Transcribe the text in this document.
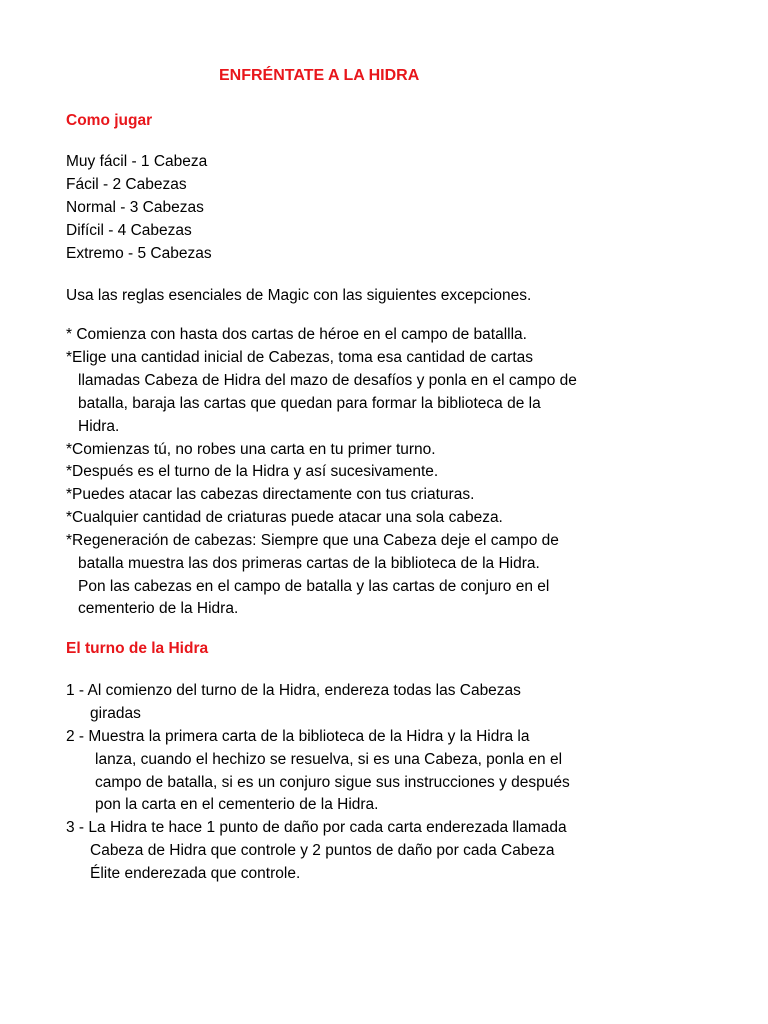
ENFRÉNTATE A LA HIDRA
Como jugar
Muy fácil - 1 Cabeza
Fácil - 2 Cabezas
Normal - 3 Cabezas
Difícil - 4 Cabezas
Extremo - 5 Cabezas
Usa las reglas esenciales de Magic con las siguientes excepciones.
* Comienza con hasta dos cartas de héroe en el campo de batallla.
*Elige una cantidad inicial de Cabezas, toma esa cantidad de cartas
llamadas Cabeza de Hidra del mazo de desafíos y ponla en el campo de
batalla, baraja las cartas que quedan para formar la biblioteca de la
Hidra.
*Comienzas tú, no robes una carta en tu primer turno.
*Después es el turno de la Hidra y así sucesivamente.
*Puedes atacar las cabezas directamente con tus criaturas.
*Cualquier cantidad de criaturas puede atacar una sola cabeza.
*Regeneración de cabezas: Siempre que una Cabeza deje el campo de
batalla muestra las dos primeras cartas de la biblioteca de la Hidra.
Pon las cabezas en el campo de batalla y las cartas de conjuro en el
cementerio de la Hidra.
El turno de la Hidra
1 - Al comienzo del turno de la Hidra, endereza todas las Cabezas
giradas
2 - Muestra la primera carta de la biblioteca de la Hidra y la Hidra la
lanza, cuando el hechizo se resuelva, si es una Cabeza, ponla en el
campo de batalla, si es un conjuro sigue sus instrucciones y después
pon la carta en el cementerio de la Hidra.
3 - La Hidra te hace 1 punto de daño por cada carta enderezada llamada
Cabeza de Hidra que controle y 2 puntos de daño por cada Cabeza
Élite enderezada que controle.
